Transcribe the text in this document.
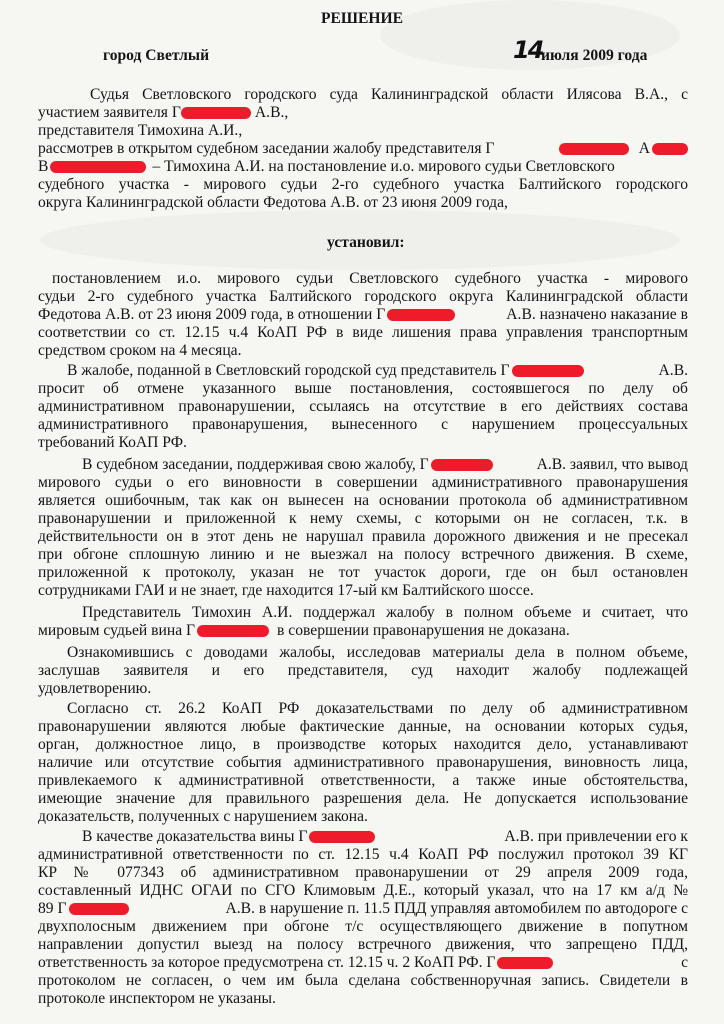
РЕШЕНИЕ
город Светлый	14
июля 2009 года
Судья Светловского городского суда Калининградской области Илясова В.А., с
участием заявителя Г	А.В.,
представителя Тимохина А.И.,
рассмотрев в открытом судебном заседании жалобу представителя Г	А
В	– Тимохина А.И. на постановление и.о. мирового судьи Светловского
судебного участка - мирового судьи 2-го судебного участка Балтийского городского
округа Калининградской области Федотова А.В. от 23 июня 2009 года,
установил:
постановлением и.о. мирового судьи Светловского судебного участка - мирового
судьи 2-го судебного участка Балтийского городского округа Калининградской области
Федотова А.В. от 23 июня 2009 года, в отношении Г	А.В. назначено наказание в
соответствии со ст. 12.15 ч.4 КоАП РФ в виде лишения права управления транспортным
средством сроком на 4 месяца.
В жалобе, поданной в Светловский городской суд представитель Г	А.В.
просит об отмене указанного выше постановления, состоявшегося по делу об
административном правонарушении, ссылаясь на отсутствие в его действиях состава
административного правонарушения, вынесенного с нарушением процессуальных
требований КоАП РФ.
В судебном заседании, поддерживая свою жалобу, Г	А.В. заявил, что вывод
мирового судьи о его виновности в совершении административного правонарушения
является ошибочным, так как он вынесен на основании протокола об административном
правонарушении и приложенной к нему схемы, с которыми он не согласен, т.к. в
действительности он в этот день не нарушал правила дорожного движения и не пресекал
при обгоне сплошную линию и не выезжал на полосу встречного движения. В схеме,
приложенной к протоколу, указан не тот участок дороги, где он был остановлен
сотрудниками ГАИ и не знает, где находится 17-ый км Балтийского шоссе.
Представитель Тимохин А.И. поддержал жалобу в полном объеме и считает, что
мировым судьей вина Г	в совершении правонарушения не доказана.
Ознакомившись с доводами жалобы, исследовав материалы дела в полном объеме,
заслушав заявителя и его представителя, суд находит жалобу подлежащей
удовлетворению.
Согласно ст. 26.2 КоАП РФ доказательствами по делу об административном
правонарушении являются любые фактические данные, на основании которых судья,
орган, должностное лицо, в производстве которых находится дело, устанавливают
наличие или отсутствие события административного правонарушения, виновность лица,
привлекаемого к административной ответственности, а также иные обстоятельства,
имеющие значение для правильного разрешения дела. Не допускается использование
доказательств, полученных с нарушением закона.
В качестве доказательства вины Г	А.В. при привлечении его к
административной ответственности по ст. 12.15 ч.4 КоАП РФ послужил протокол 39 КГ
КР № 077343 об административном правонарушении от 29 апреля 2009 года,
составленный ИДНС ОГАИ по СГО Климовым Д.Е., который указал, что на 17 км а/д №
89 Г	А.В. в нарушение п. 11.5 ПДД управляя автомобилем по автодороге с
двухполосным движением при обгоне т/с осуществляющего движение в попутном
направлении допустил выезд на полосу встречного движения, что запрещено ПДД,
ответственность за которое предусмотрена ст. 12.15 ч. 2 КоАП РФ. Г	с
протоколом не согласен, о чем им была сделана собственноручная запись. Свидетели в
протоколе инспектором не указаны.
